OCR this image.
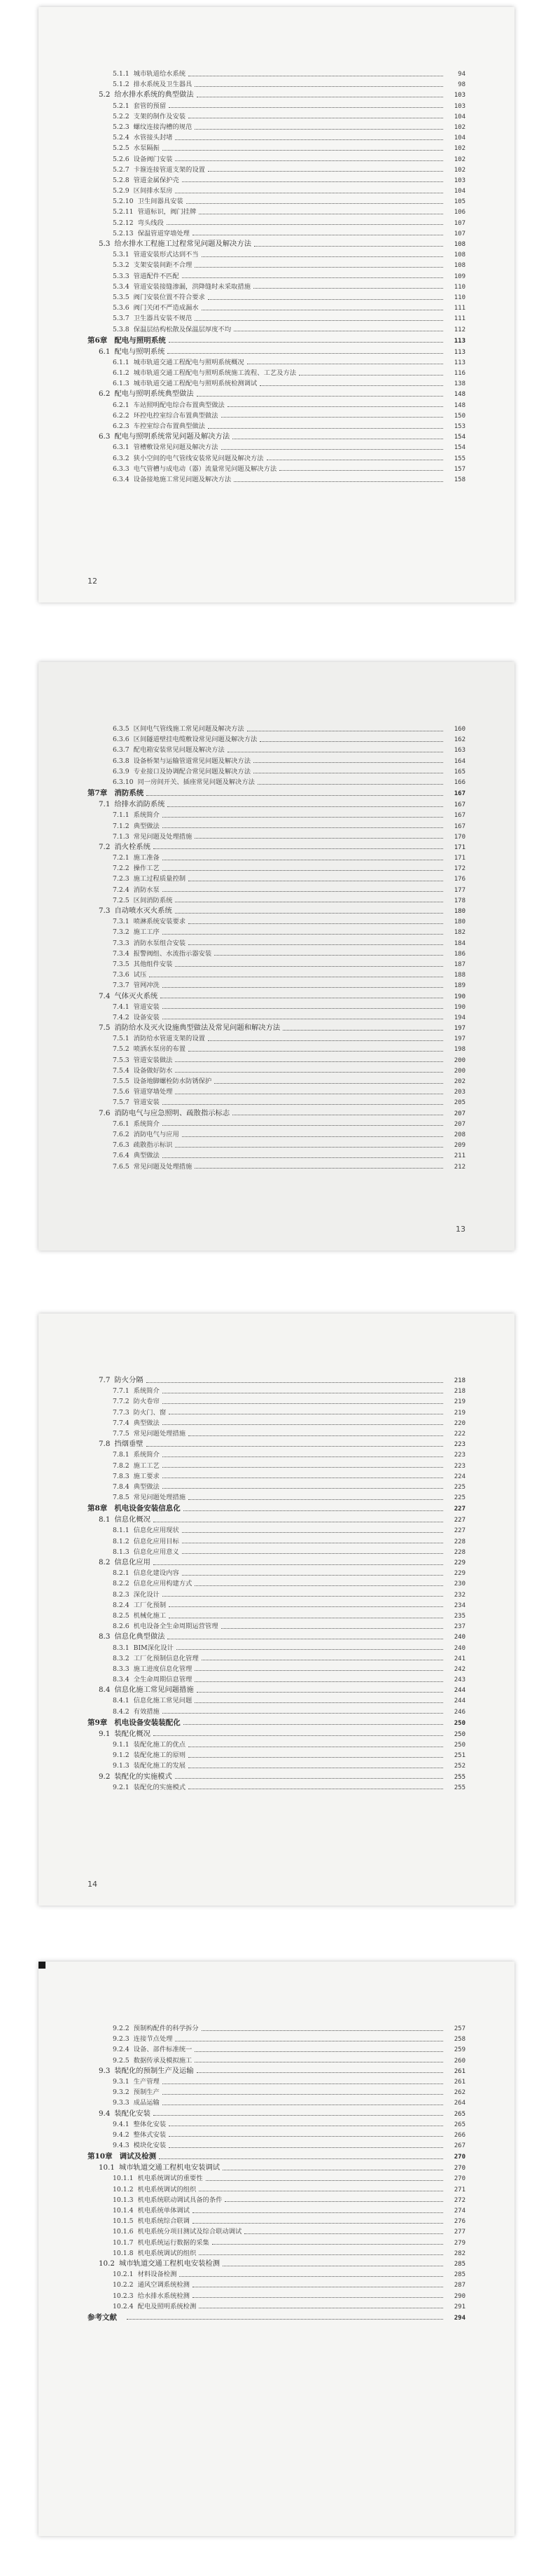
5.1.1 城市轨道给水系统	94
5.1.2 排水系统及卫生器具	98
5.2 给水排水系统的典型做法	103
5.2.1 套管的预留	103
5.2.2 支架的制作及安装	104
5.2.3 螺纹连接沟槽的规范	102
5.2.4 水管接头封堵	104
5.2.5 水泵隔振	102
5.2.6 设备阀门安装	102
5.2.7 卡箍连接管道支架的设置	102
5.2.8 管道金属保护壳	103
5.2.9 区间排水泵房	104
5.2.10 卫生间器具安装	105
5.2.11 管道标识，阀门挂牌	106
5.2.12 弯头线段	107
5.2.13 保温管道穿墙处理	107
5.3 给水排水工程施工过程常见问题及解决方法	108
5.3.1 管道安装形式达到不当	108
5.3.2 支架安装间距不合理	108
5.3.3 管道配件不匹配	109
5.3.4 管道安装接缝渗漏，洪降缝时未采取措施	110
5.3.5 阀门安装位置不符合要求	110
5.3.6 阀门关闭不严造成漏水	111
5.3.7 卫生器具安装不规范	111
5.3.8 保温层结构松散及保温层厚度不均	112
第6章 配电与照明系统	113
6.1 配电与照明系统	113
6.1.1 城市轨道交通工程配电与照明系统概况	113
6.1.2 城市轨道交通工程配电与照明系统施工流程、工艺及方法	116
6.1.3 城市轨道交通工程配电与照明系统检测调试	138
6.2 配电与照明系统典型做法	148
6.2.1 车站照明配电综合布置典型做法	148
6.2.2 环控电控室综合布置典型做法	150
6.2.3 车控室综合布置典型做法	153
6.3 配电与照明系统常见问题及解决方法	154
6.3.1 管槽敷设常见问题及解决方法	154
6.3.2 狭小空间的电气管线安装常见问题及解决方法	155
6.3.3 电气管槽与成电动（器）流量常见问题及解决方法	157
6.3.4 设备接地施工常见问题及解决方法	158
12
6.3.5 区间电气管线施工常见问题及解决方法	160
6.3.6 区间隧道壁挂电缆敷设常见问题及解决方法	162
6.3.7 配电箱安装常见问题及解决方法	163
6.3.8 设备桥架与运输管道常见问题及解决方法	164
6.3.9 专业接口及协调配合常见问题及解决方法	165
6.3.10 同一房间开关、插座常见问题及解决方法	166
第7章 消防系统	167
7.1 给排水消防系统	167
7.1.1 系统简介	167
7.1.2 典型做法	167
7.1.3 常见问题及处理措施	170
7.2 消火栓系统	171
7.2.1 施工准备	171
7.2.2 操作工艺	172
7.2.3 施工过程质量控制	176
7.2.4 消防水泵	177
7.2.5 区间消防系统	178
7.3 自动喷水灭火系统	180
7.3.1 喷淋系统安装要求	180
7.3.2 施工工序	182
7.3.3 消防水泵组合安装	184
7.3.4 报警阀组、水流指示器安装	186
7.3.5 其他组件安装	187
7.3.6 试压	188
7.3.7 管网冲洗	189
7.4 气体灭火系统	190
7.4.1 管道安装	190
7.4.2 设备安装	194
7.5 消防给水及灭火设施典型做法及常见问题和解决方法	197
7.5.1 消防给水管道支架的设置	197
7.5.2 喷洒水泵房的布置	198
7.5.3 管道安装做法	200
7.5.4 设备做好防水	200
7.5.5 设备地脚螺栓防水防锈保护	202
7.5.6 管道穿墙处理	203
7.5.7 管道安装	205
7.6 消防电气与应急照明、疏散指示标志	207
7.6.1 系统简介	207
7.6.2 消防电气与应用	208
7.6.3 疏散指示标识	209
7.6.4 典型做法	211
7.6.5 常见问题及处理措施	212
13
7.7 防火分隔	218
7.7.1 系统简介	218
7.7.2 防火卷帘	219
7.7.3 防火门、窗	219
7.7.4 典型做法	220
7.7.5 常见问题处理措施	222
7.8 挡烟垂壁	223
7.8.1 系统简介	223
7.8.2 施工工艺	223
7.8.3 施工要求	224
7.8.4 典型做法	225
7.8.5 常见问题处理措施	225
第8章 机电设备安装信息化	227
8.1 信息化概况	227
8.1.1 信息化应用现状	227
8.1.2 信息化应用目标	228
8.1.3 信息化应用意义	228
8.2 信息化应用	229
8.2.1 信息化建设内容	229
8.2.2 信息化应用构建方式	230
8.2.3 深化设计	232
8.2.4 工厂化预制	234
8.2.5 机械化施工	235
8.2.6 机电设备全生命周期运营管理	237
8.3 信息化典型做法	240
8.3.1 BIM深化设计	240
8.3.2 工厂化预制信息化管理	241
8.3.3 施工进度信息化管理	242
8.3.4 全生命周期信息管理	243
8.4 信息化施工常见问题措施	244
8.4.1 信息化施工常见问题	244
8.4.2 有效措施	246
第9章 机电设备安装装配化	250
9.1 装配化概况	250
9.1.1 装配化施工的优点	250
9.1.2 装配化施工的原则	251
9.1.3 装配化施工的发展	252
9.2 装配化的实施模式	255
9.2.1 装配化的实施模式	255
14
9.2.2 预制构配件的科学拆分	257
9.2.3 连接节点处理	258
9.2.4 设备、部件标准统一	259
9.2.5 数据传承及模拟施工	260
9.3 装配化的预制生产及运输	261
9.3.1 生产管理	261
9.3.2 预制生产	262
9.3.3 成品运输	264
9.4 装配化安装	265
9.4.1 整体化安装	265
9.4.2 整体式安装	266
9.4.3 模块化安装	267
第10章 调试及检测	270
10.1 城市轨道交通工程机电安装调试	270
10.1.1 机电系统调试的重要性	270
10.1.2 机电系统调试的组织	271
10.1.3 机电系统联动调试具备的条件	272
10.1.4 机电系统单体调试	274
10.1.5 机电系统综合联调	276
10.1.6 机电系统分项目测试及综合联动调试	277
10.1.7 机电系统运行数据的采集	279
10.1.8 机电系统调试的组织	282
10.2 城市轨道交通工程机电安装检测	285
10.2.1 材料设备检测	285
10.2.2 通风空调系统检测	287
10.2.3 给水排水系统检测	290
10.2.4 配电及照明系统检测	291
参考文献	294
